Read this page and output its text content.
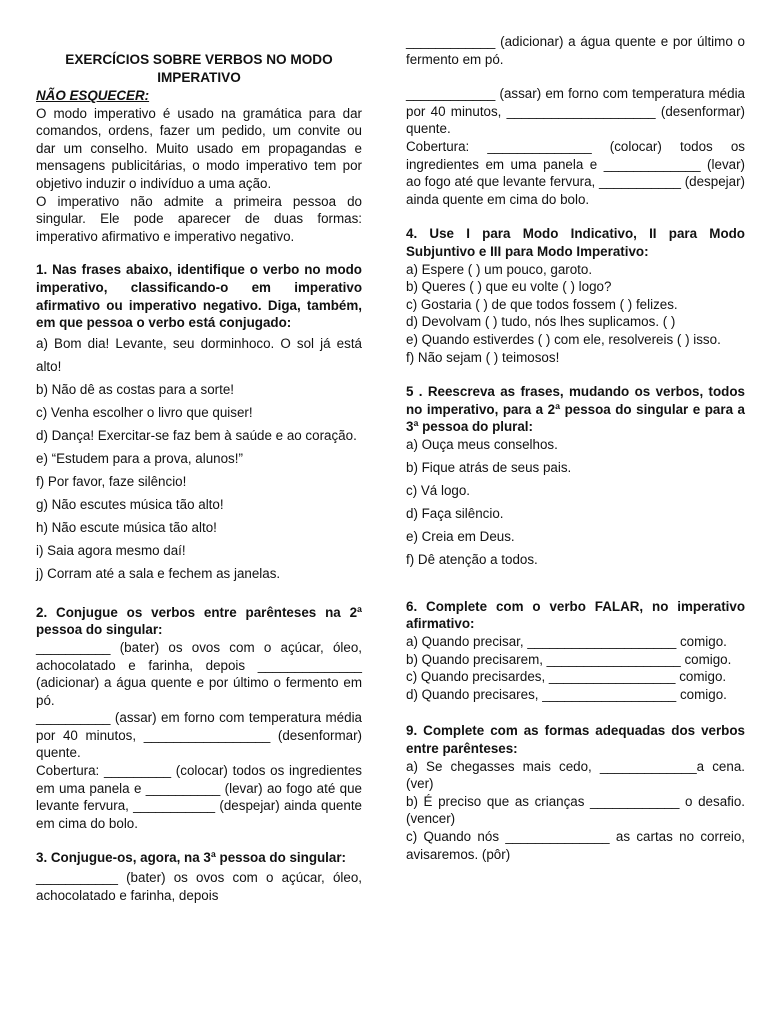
EXERCÍCIOS SOBRE VERBOS NO MODO

IMPERATIVO

NÃO ESQUECER:

O modo imperativo é usado na gramática para dar comandos, ordens, fazer um pedido, um convite ou dar um conselho. Muito usado em propagandas e mensagens publicitárias, o modo imperativo tem por objetivo induzir o indivíduo a uma ação.

O imperativo não admite a primeira pessoa do singular. Ele pode aparecer de duas formas: imperativo afirmativo e imperativo negativo.

1. Nas frases abaixo, identifique o verbo no modo imperativo, classificando-o em imperativo afirmativo ou imperativo negativo. Diga, também, em que pessoa o verbo está conjugado:

a) Bom dia! Levante, seu dorminhoco. O sol já está alto!

b) Não dê as costas para a sorte!

c) Venha escolher o livro que quiser!

d) Dança! Exercitar-se faz bem à saúde e ao coração.

e) “Estudem para a prova, alunos!”

f) Por favor, faze silêncio!

g) Não escutes música tão alto!

h) Não escute música tão alto!

i) Saia agora mesmo daí!

j) Corram até a sala e fechem as janelas.

2. Conjugue os verbos entre parênteses na 2ª pessoa do singular:

__________ (bater) os ovos com o açúcar, óleo, achocolatado e farinha, depois ______________ (adicionar) a água quente e por último o fermento em pó.

__________ (assar) em forno com temperatura média por 40 minutos, _________________ (desenformar) quente.

Cobertura: _________ (colocar) todos os ingredientes em uma panela e __________ (levar) ao fogo até que levante fervura, ___________ (despejar) ainda quente em cima do bolo.

3. Conjugue-os, agora, na 3ª pessoa do singular:

___________ (bater) os ovos com o açúcar, óleo, achocolatado e farinha, depois

____________ (adicionar) a água quente e por último o fermento em pó.

____________ (assar) em forno com temperatura média por 40 minutos, ____________________ (desenformar) quente.

Cobertura: ______________ (colocar) todos os ingredientes em uma panela e _____________ (levar) ao fogo até que levante fervura, ___________ (despejar) ainda quente em cima do bolo.

4. Use I para Modo Indicativo, II para Modo Subjuntivo e III para Modo Imperativo:

a) Espere ( ) um pouco, garoto.

b) Queres ( ) que eu volte ( ) logo?

c) Gostaria ( ) de que todos fossem ( ) felizes.

d) Devolvam ( ) tudo, nós lhes suplicamos. ( )

e) Quando estiverdes ( ) com ele, resolvereis ( ) isso.

f) Não sejam ( ) teimosos!

5 . Reescreva as frases, mudando os verbos, todos no imperativo, para a 2ª pessoa do singular e para a 3ª pessoa do plural:

a) Ouça meus conselhos.

b) Fique atrás de seus pais.

c) Vá logo.

d) Faça silêncio.

e) Creia em Deus.

f) Dê atenção a todos.

6. Complete com o verbo FALAR, no imperativo afirmativo:

a) Quando precisar, ____________________ comigo.

b) Quando precisarem, __________________ comigo.

c) Quando precisardes, _________________ comigo.

d) Quando precisares, __________________ comigo.

9. Complete com as formas adequadas dos verbos entre parênteses:

a) Se chegasses mais cedo, _____________a cena. (ver)

b) É preciso que as crianças ____________ o desafio. (vencer)

c) Quando nós ______________ as cartas no correio, avisaremos. (pôr)
